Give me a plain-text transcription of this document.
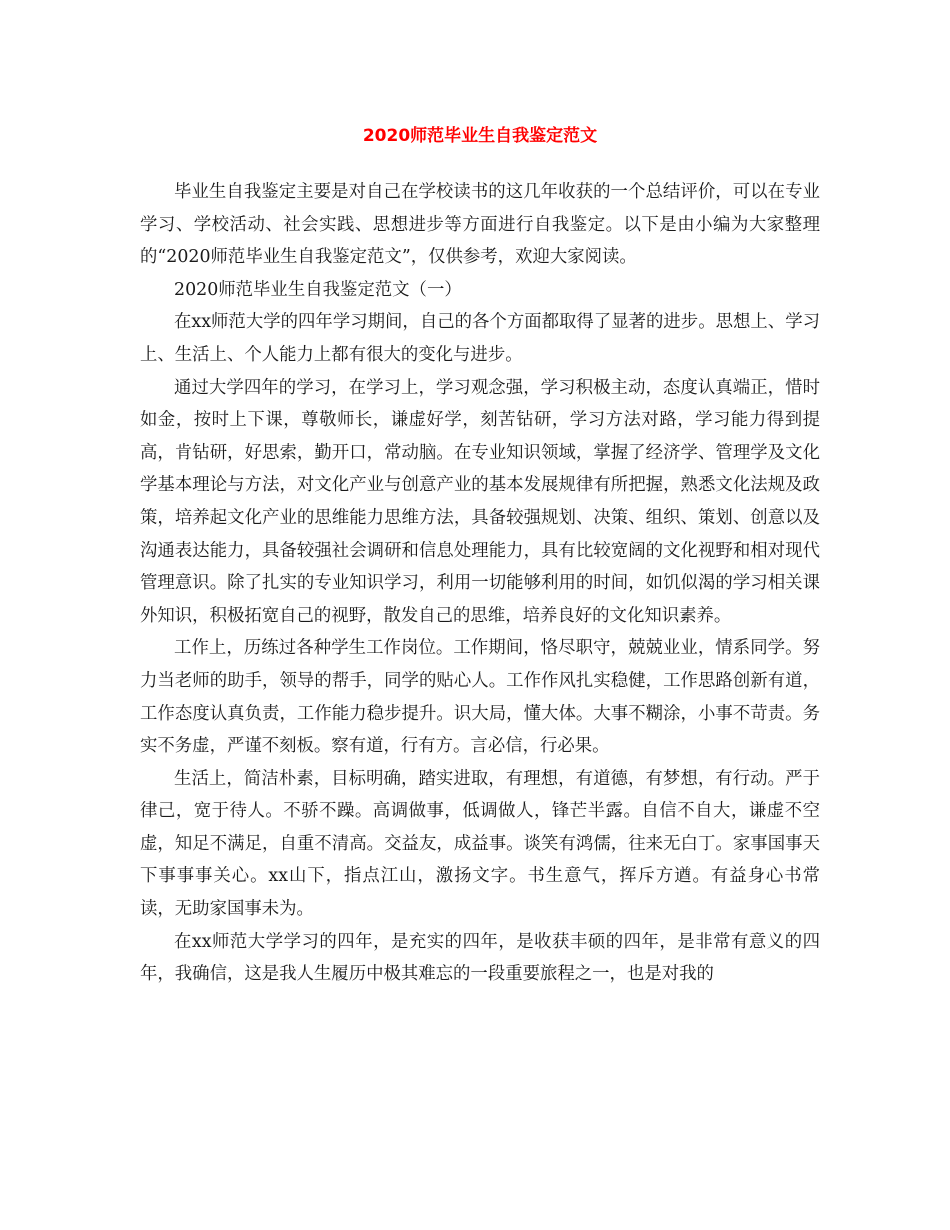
2020师范毕业生自我鉴定范文

毕业生自我鉴定主要是对自己在学校读书的这几年收获的一个总结评价，可以在专业学习、学校活动、社会实践、思想进步等方面进行自我鉴定。以下是由小编为大家整理的“2020师范毕业生自我鉴定范文”，仅供参考，欢迎大家阅读。

2020师范毕业生自我鉴定范文（一）

在xx师范大学的四年学习期间，自己的各个方面都取得了显著的进步。思想上、学习上、生活上、个人能力上都有很大的变化与进步。

通过大学四年的学习，在学习上，学习观念强，学习积极主动，态度认真端正，惜时如金，按时上下课，尊敬师长，谦虚好学，刻苦钻研，学习方法对路，学习能力得到提高，肯钻研，好思索，勤开口，常动脑。在专业知识领域，掌握了经济学、管理学及文化学基本理论与方法，对文化产业与创意产业的基本发展规律有所把握，熟悉文化法规及政策，培养起文化产业的思维能力思维方法，具备较强规划、决策、组织、策划、创意以及沟通表达能力，具备较强社会调研和信息处理能力，具有比较宽阔的文化视野和相对现代管理意识。除了扎实的专业知识学习，利用一切能够利用的时间，如饥似渴的学习相关课外知识，积极拓宽自己的视野，散发自己的思维，培养良好的文化知识素养。

工作上，历练过各种学生工作岗位。工作期间，恪尽职守，兢兢业业，情系同学。努力当老师的助手，领导的帮手，同学的贴心人。工作作风扎实稳健，工作思路创新有道，工作态度认真负责，工作能力稳步提升。识大局，懂大体。大事不糊涂，小事不苛责。务实不务虚，严谨不刻板。察有道，行有方。言必信，行必果。

生活上，简洁朴素，目标明确，踏实进取，有理想，有道德，有梦想，有行动。严于律己，宽于待人。不骄不躁。高调做事，低调做人，锋芒半露。自信不自大，谦虚不空虚，知足不满足，自重不清高。交益友，成益事。谈笑有鸿儒，往来无白丁。家事国事天下事事事关心。xx山下，指点江山，激扬文字。书生意气，挥斥方遒。有益身心书常读，无助家国事未为。

在xx师范大学学习的四年，是充实的四年，是收获丰硕的四年，是非常有意义的四年，我确信，这是我人生履历中极其难忘的一段重要旅程之一，也是对我的
